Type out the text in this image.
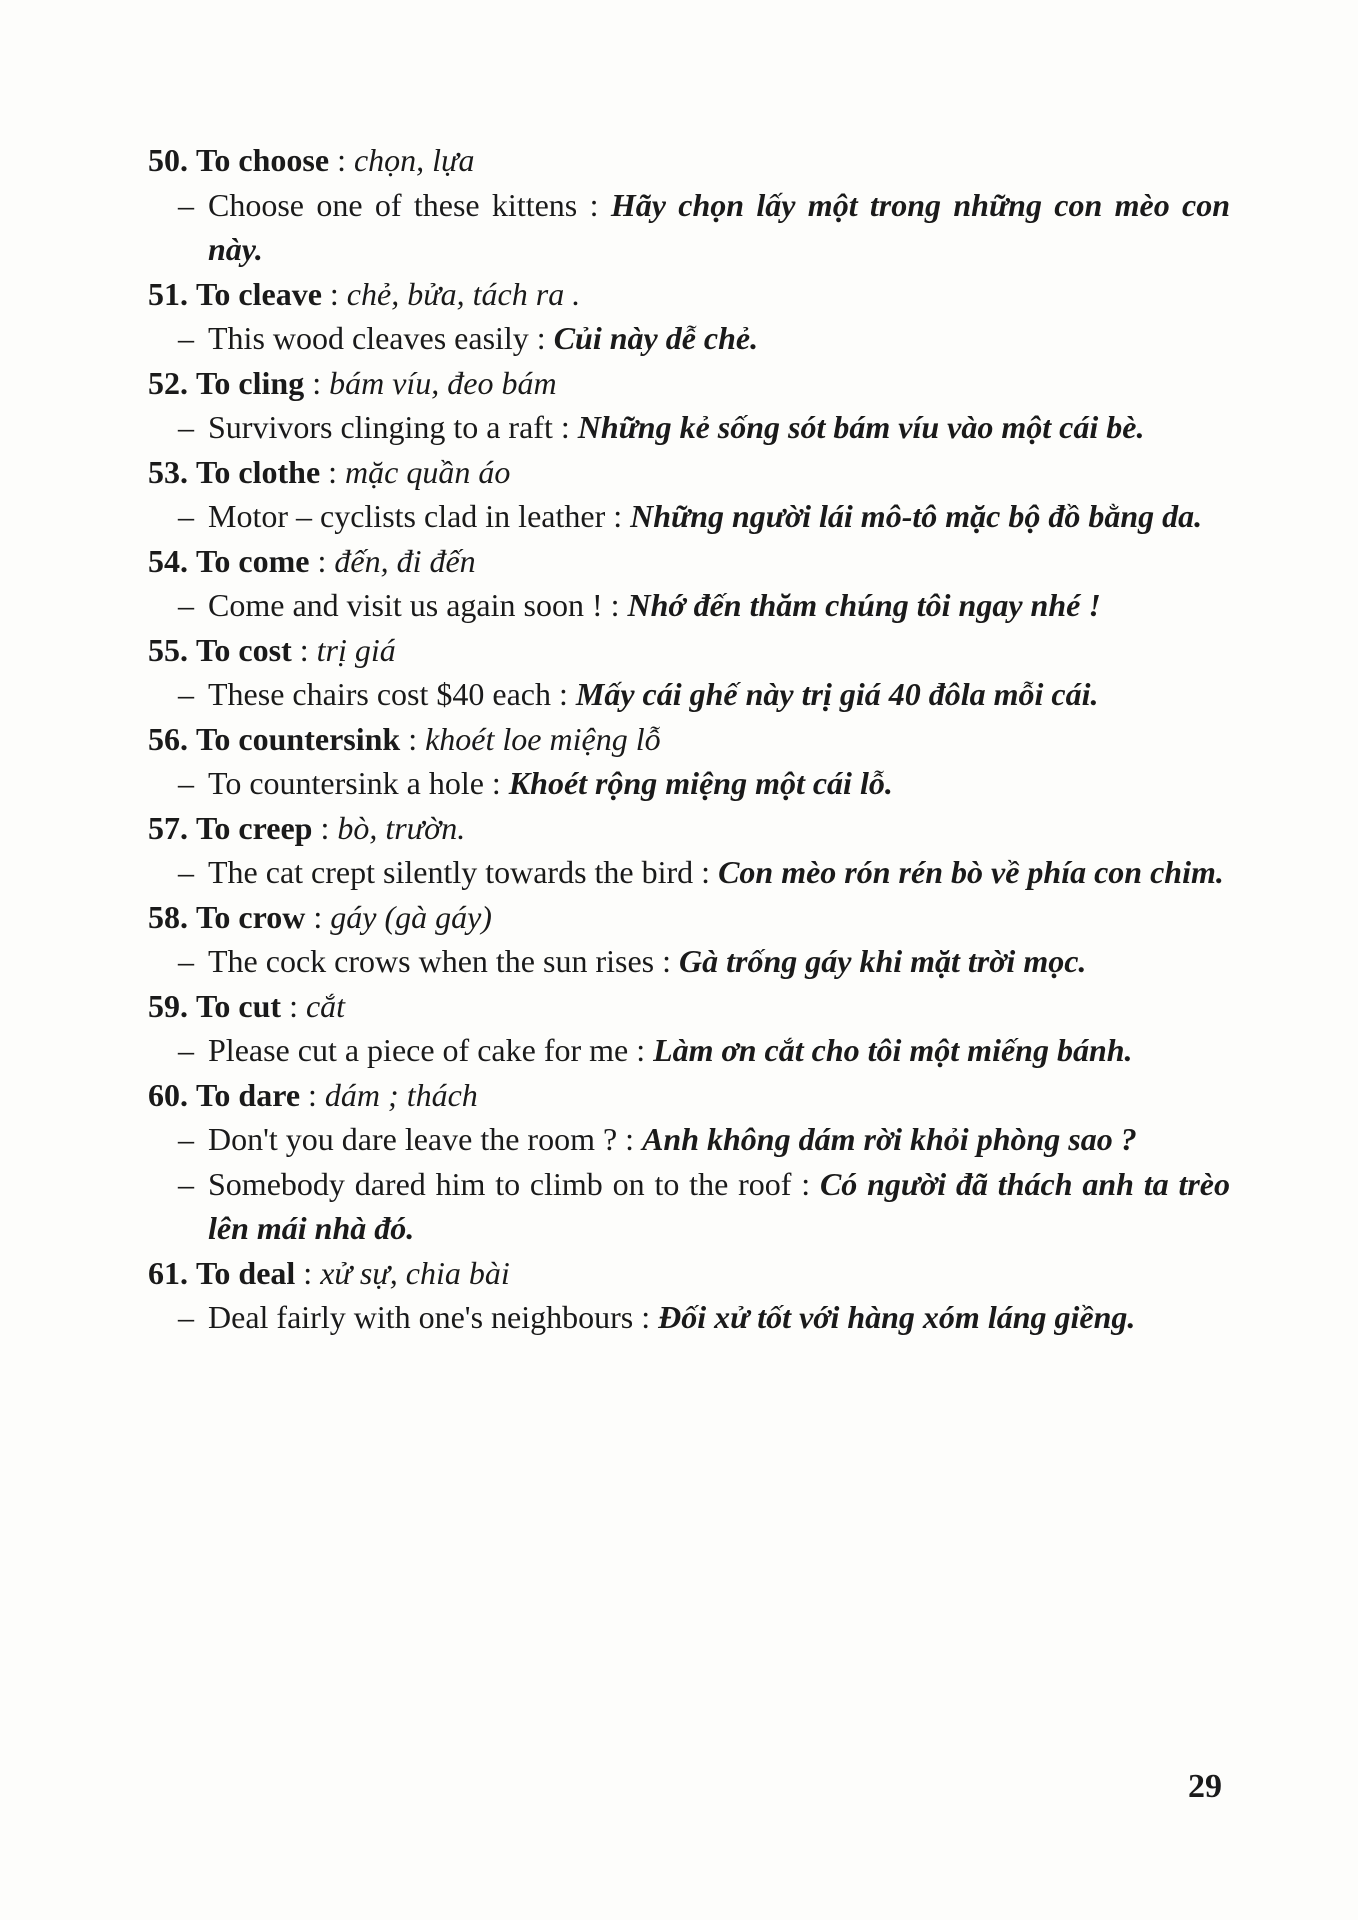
50. To choose : chọn, lựa

– Choose one of these kittens : Hãy chọn lấy một trong những con mèo con này.

51. To cleave : chẻ, bửa, tách ra .

– This wood cleaves easily : Củi này dễ chẻ.

52. To cling : bám víu, đeo bám

– Survivors clinging to a raft : Những kẻ sống sót bám víu vào một cái bè.

53. To clothe : mặc quần áo

– Motor – cyclists clad in leather : Những người lái mô-tô mặc bộ đồ bằng da.

54. To come : đến, đi đến

– Come and visit us again soon ! : Nhớ đến thăm chúng tôi ngay nhé !

55. To cost : trị giá

– These chairs cost $40 each : Mấy cái ghế này trị giá 40 đôla mỗi cái.

56. To countersink : khoét loe miệng lỗ

– To countersink a hole : Khoét rộng miệng một cái lỗ.

57. To creep : bò, trườn.

– The cat crept silently towards the bird : Con mèo rón rén bò về phía con chim.

58. To crow : gáy (gà gáy)

– The cock crows when the sun rises : Gà trống gáy khi mặt trời mọc.

59. To cut : cắt

– Please cut a piece of cake for me : Làm ơn cắt cho tôi một miếng bánh.

60. To dare : dám ; thách

– Don't you dare leave the room ? : Anh không dám rời khỏi phòng sao ?

– Somebody dared him to climb on to the roof : Có người đã thách anh ta trèo lên mái nhà đó.

61. To deal : xử sự, chia bài

– Deal fairly with one's neighbours : Đối xử tốt với hàng xóm láng giềng.

29
